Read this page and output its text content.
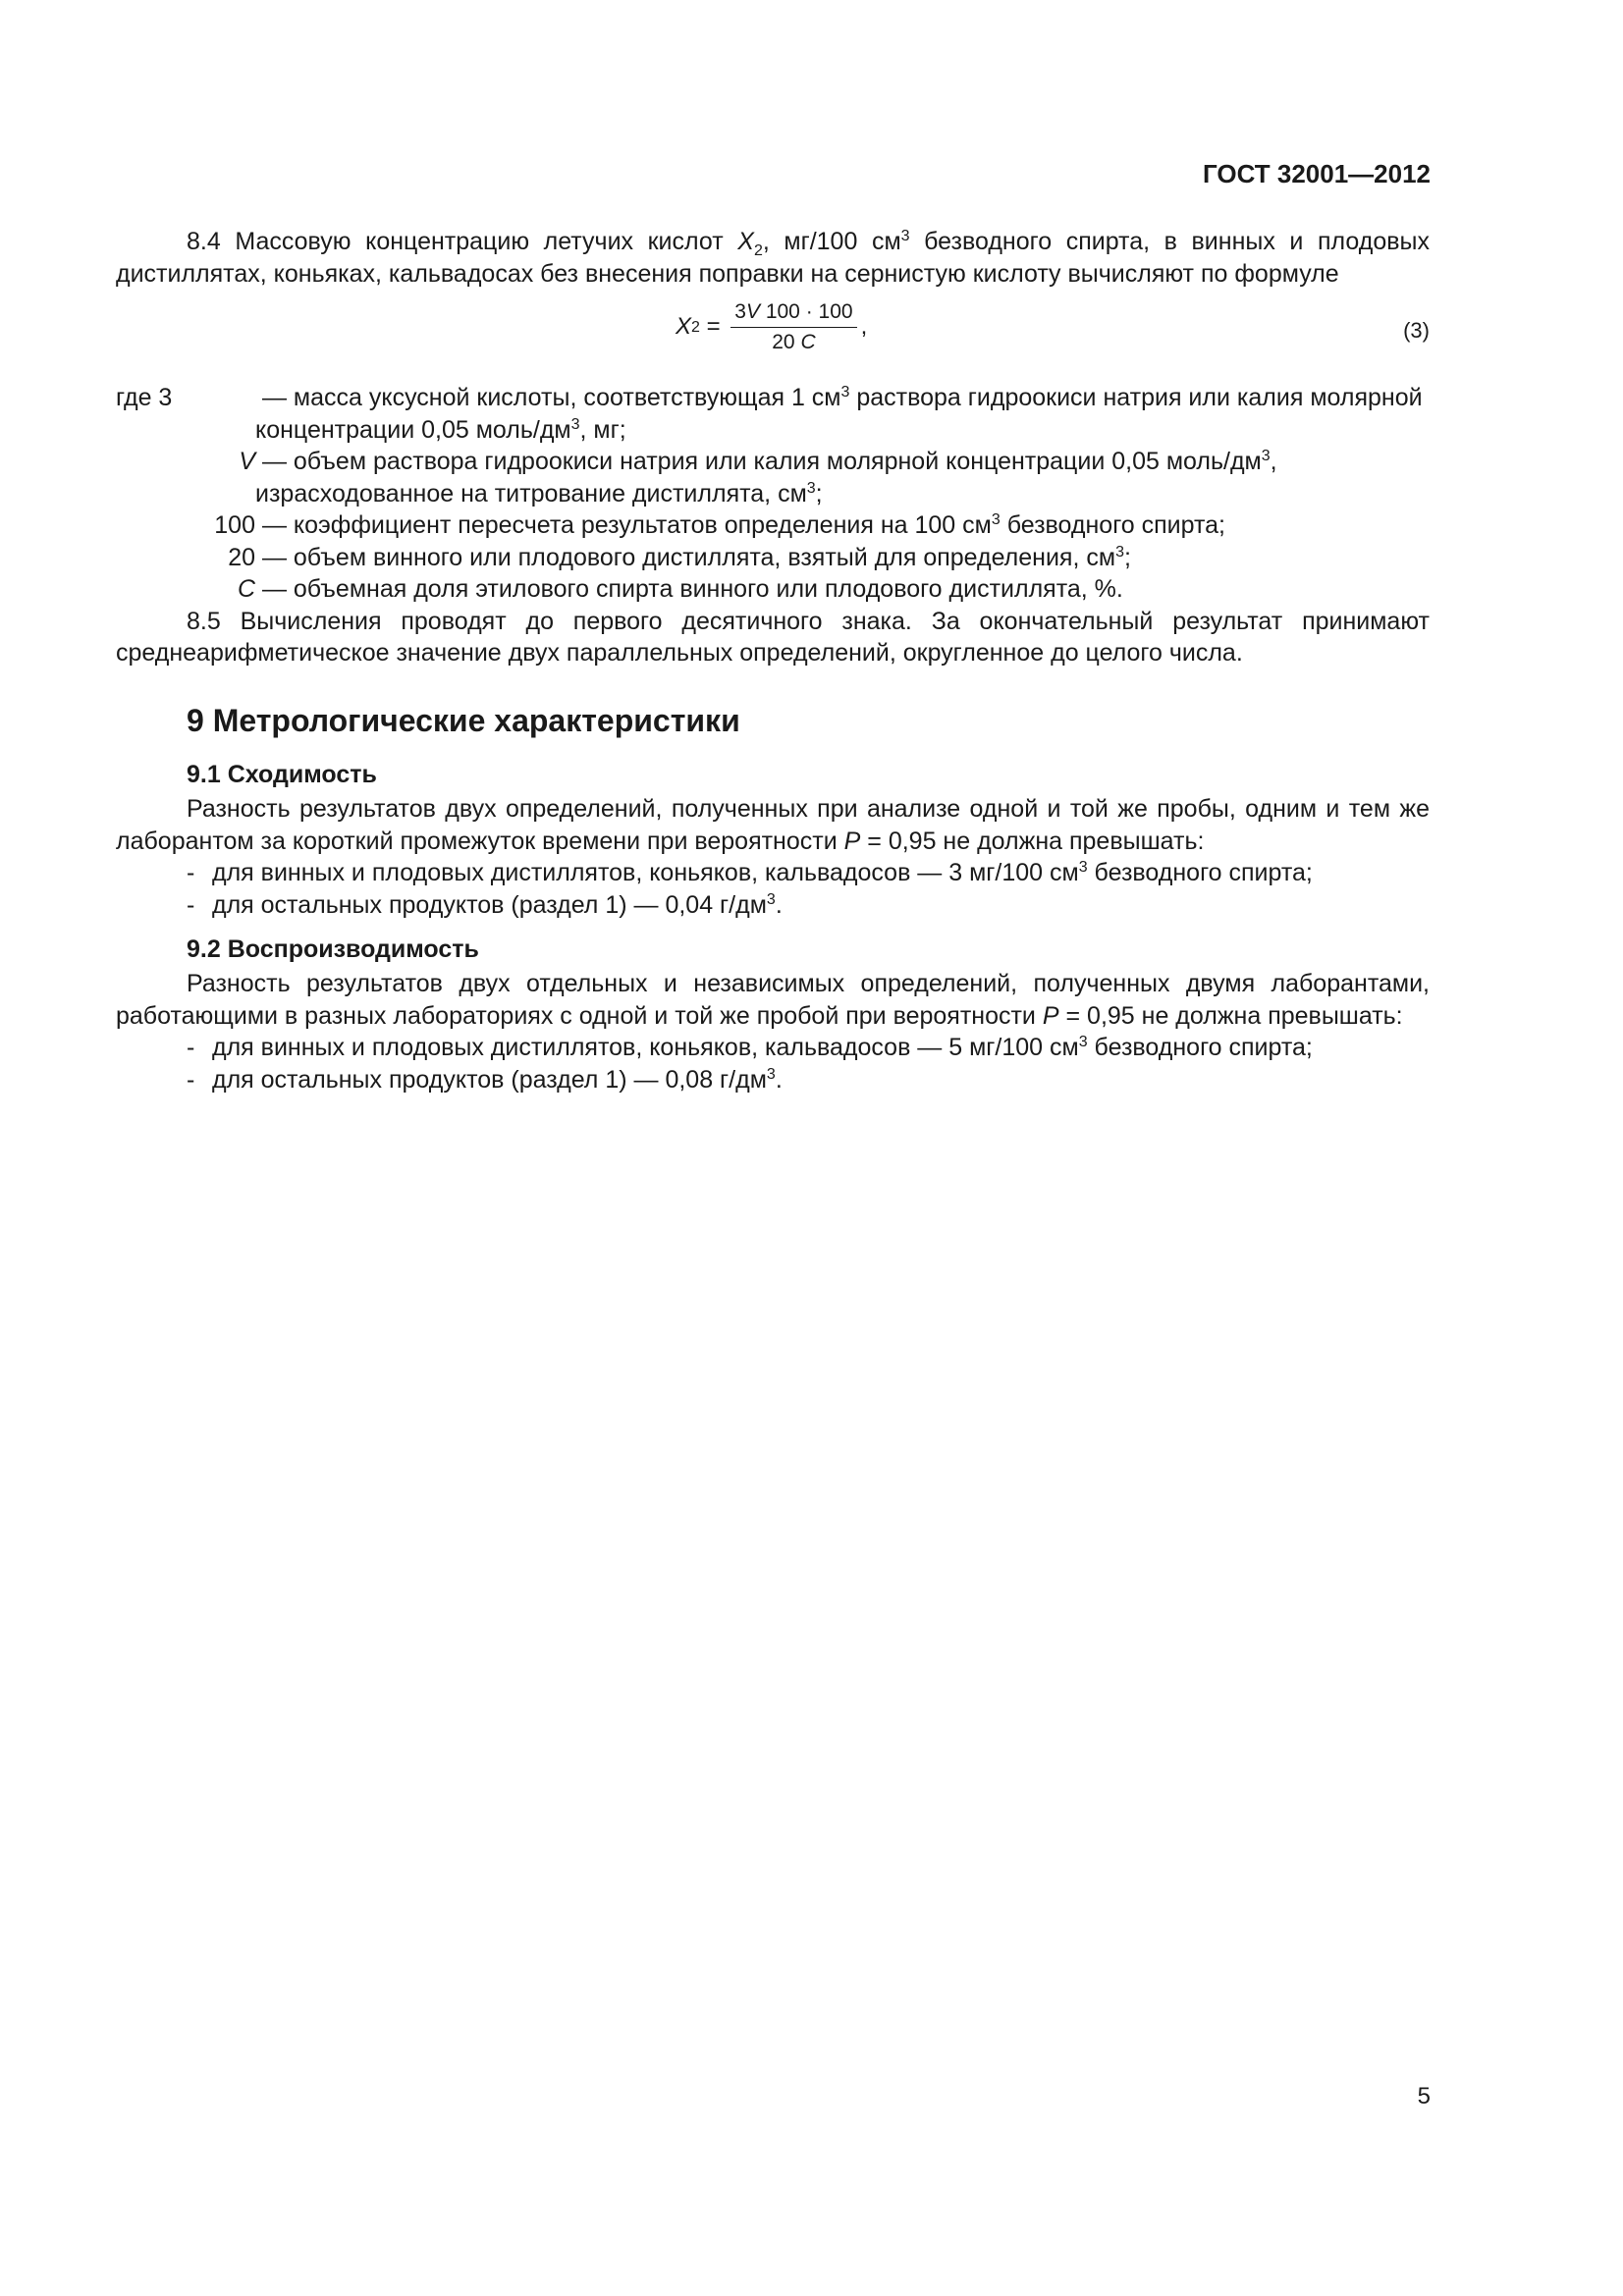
ГОСТ 32001—2012

8.4 Массовую концентрацию летучих кислот $X_2$, мг/100 $см^3$ безводного спирта, в винных и плодовых дистиллятах, коньяках, кальвадосах без внесения поправки на сернистую кислоту вычисляют по формуле

X $2 = \frac{3V 100 \cdot 100}{20 C}$ ,	(3)
где 3	— масса уксусной кислоты, соответствующая 1 $см^3$ раствора гидроокиси натрия или калия молярной концентрации 0,05 моль/$дм^3$, мг;
V — объем раствора гидроокиси натрия или калия молярной концентрации 0,05 моль/$дм^3$, израсходованное на титрование дистиллята, $см^3$;
100 — коэффициент пересчета результатов определения на 100 $см^3$ безводного спирта;
20 — объем винного или плодового дистиллята, взятый для определения, $см^3$;
C — объемная доля этилового спирта винного или плодового дистиллята, %.

8.5 Вычисления проводят до первого десятичного знака. За окончательный результат принимают среднеарифметическое значение двух параллельных определений, округленное до целого числа.

9 Метрологические характеристики
9.1 Сходимость

Разность результатов двух определений, полученных при анализе одной и той же пробы, одним и тем же лаборантом за короткий промежуток времени при вероятности P = 0,95 не должна превышать:

- для винных и плодовых дистиллятов, коньяков, кальвадосов — 3 мг/100 $см^3$ безводного спирта;
- для остальных продуктов (раздел 1) — 0,04 $г/дм^3$.
9.2 Воспроизводимость

Разность результатов двух отдельных и независимых определений, полученных двумя лаборантами, работающими в разных лабораториях с одной и той же пробой при вероятности P = 0,95 не должна превышать:

- для винных и плодовых дистиллятов, коньяков, кальвадосов — 5 мг/100 $см^3$ безводного спирта;
- для остальных продуктов (раздел 1) — 0,08 $г/дм^3$.
5
